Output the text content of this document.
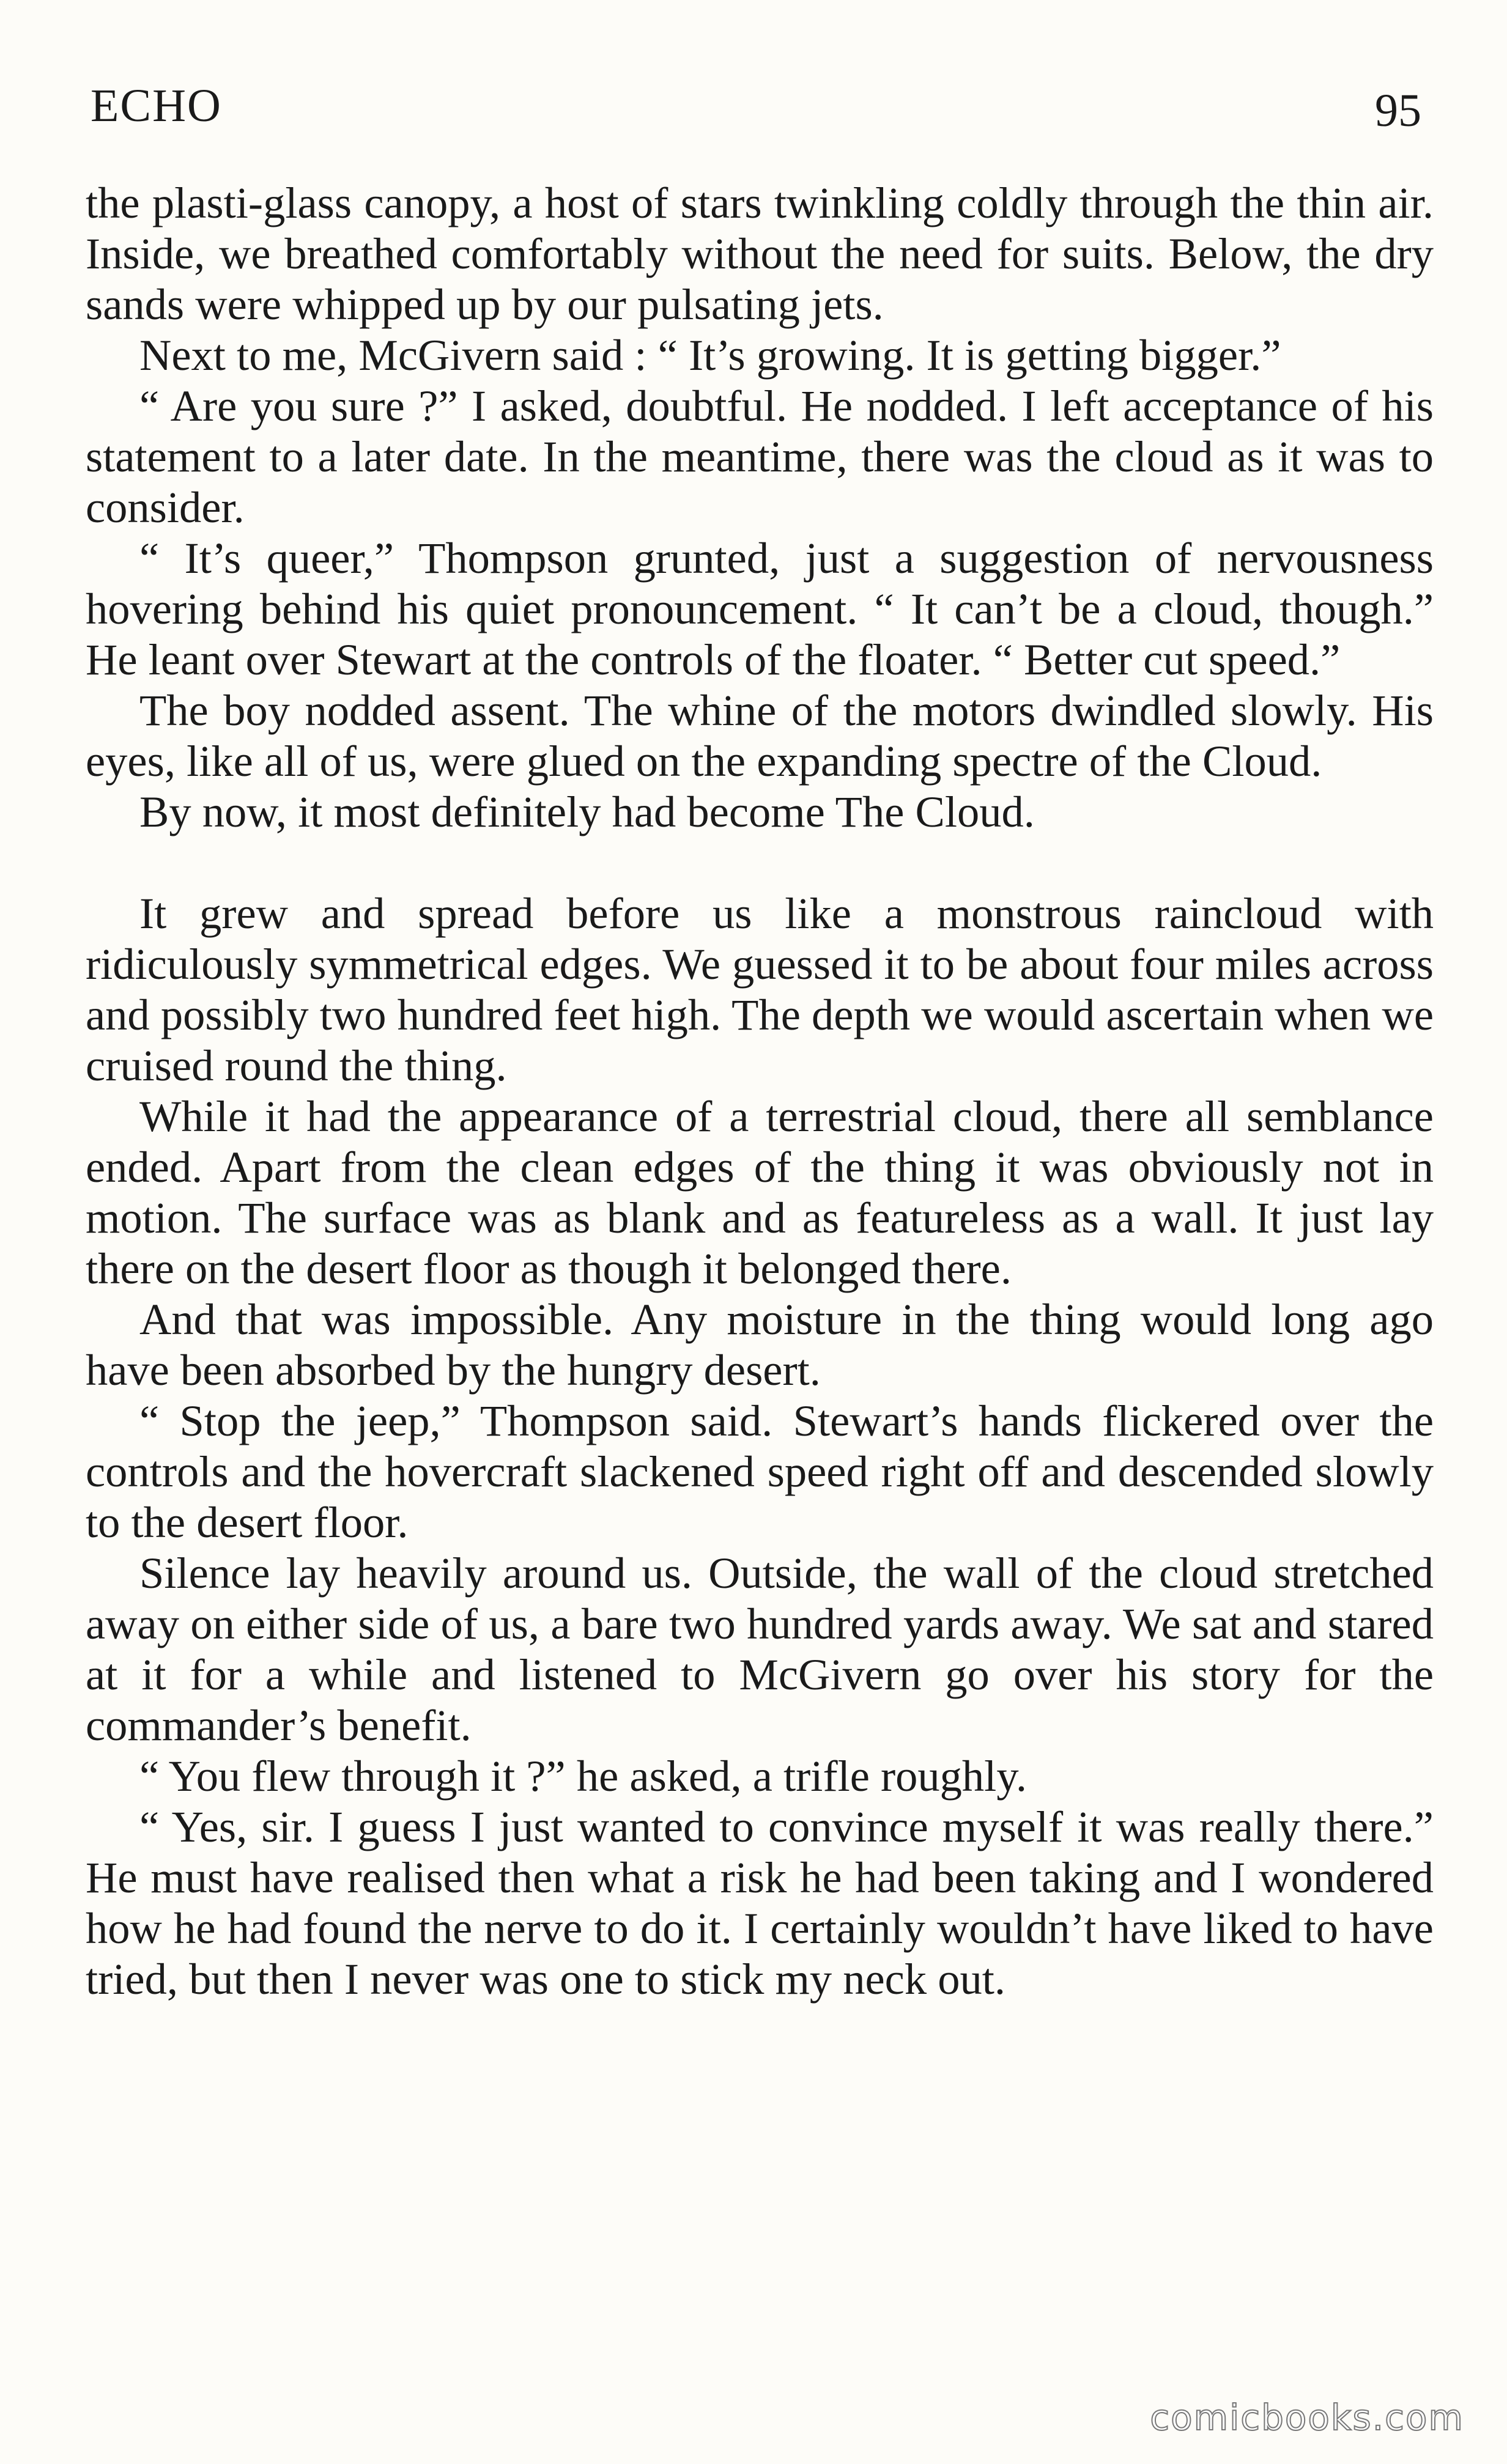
ECHO	95

the plasti-glass canopy, a host of stars twinkling coldly through the thin air. Inside, we breathed comfortably without the need for suits. Below, the dry sands were whipped up by our pulsating jets.

Next to me, McGivern said : “ It’s growing. It is getting bigger.”

“ Are you sure ?” I asked, doubtful. He nodded. I left acceptance of his statement to a later date. In the meantime, there was the cloud as it was to consider.

“ It’s queer,” Thompson grunted, just a suggestion of nervousness hovering behind his quiet pronouncement. “ It can’t be a cloud, though.” He leant over Stewart at the controls of the floater. “ Better cut speed.”

The boy nodded assent. The whine of the motors dwindled slowly. His eyes, like all of us, were glued on the expanding spectre of the Cloud.

By now, it most definitely had become The Cloud.

It grew and spread before us like a monstrous raincloud with ridiculously symmetrical edges. We guessed it to be about four miles across and possibly two hundred feet high. The depth we would ascertain when we cruised round the thing.

While it had the appearance of a terrestrial cloud, there all semblance ended. Apart from the clean edges of the thing it was obviously not in motion. The surface was as blank and as featureless as a wall. It just lay there on the desert floor as though it belonged there.

And that was impossible. Any moisture in the thing would long ago have been absorbed by the hungry desert.

“ Stop the jeep,” Thompson said. Stewart’s hands flickered over the controls and the hovercraft slackened speed right off and descended slowly to the desert floor.

Silence lay heavily around us. Outside, the wall of the cloud stretched away on either side of us, a bare two hundred yards away. We sat and stared at it for a while and listened to McGivern go over his story for the commander’s benefit.

“ You flew through it ?” he asked, a trifle roughly.

“ Yes, sir. I guess I just wanted to convince myself it was really there.” He must have realised then what a risk he had been taking and I wondered how he had found the nerve to do it. I certainly wouldn’t have liked to have tried, but then I never was one to stick my neck out.

comicbooks.com
